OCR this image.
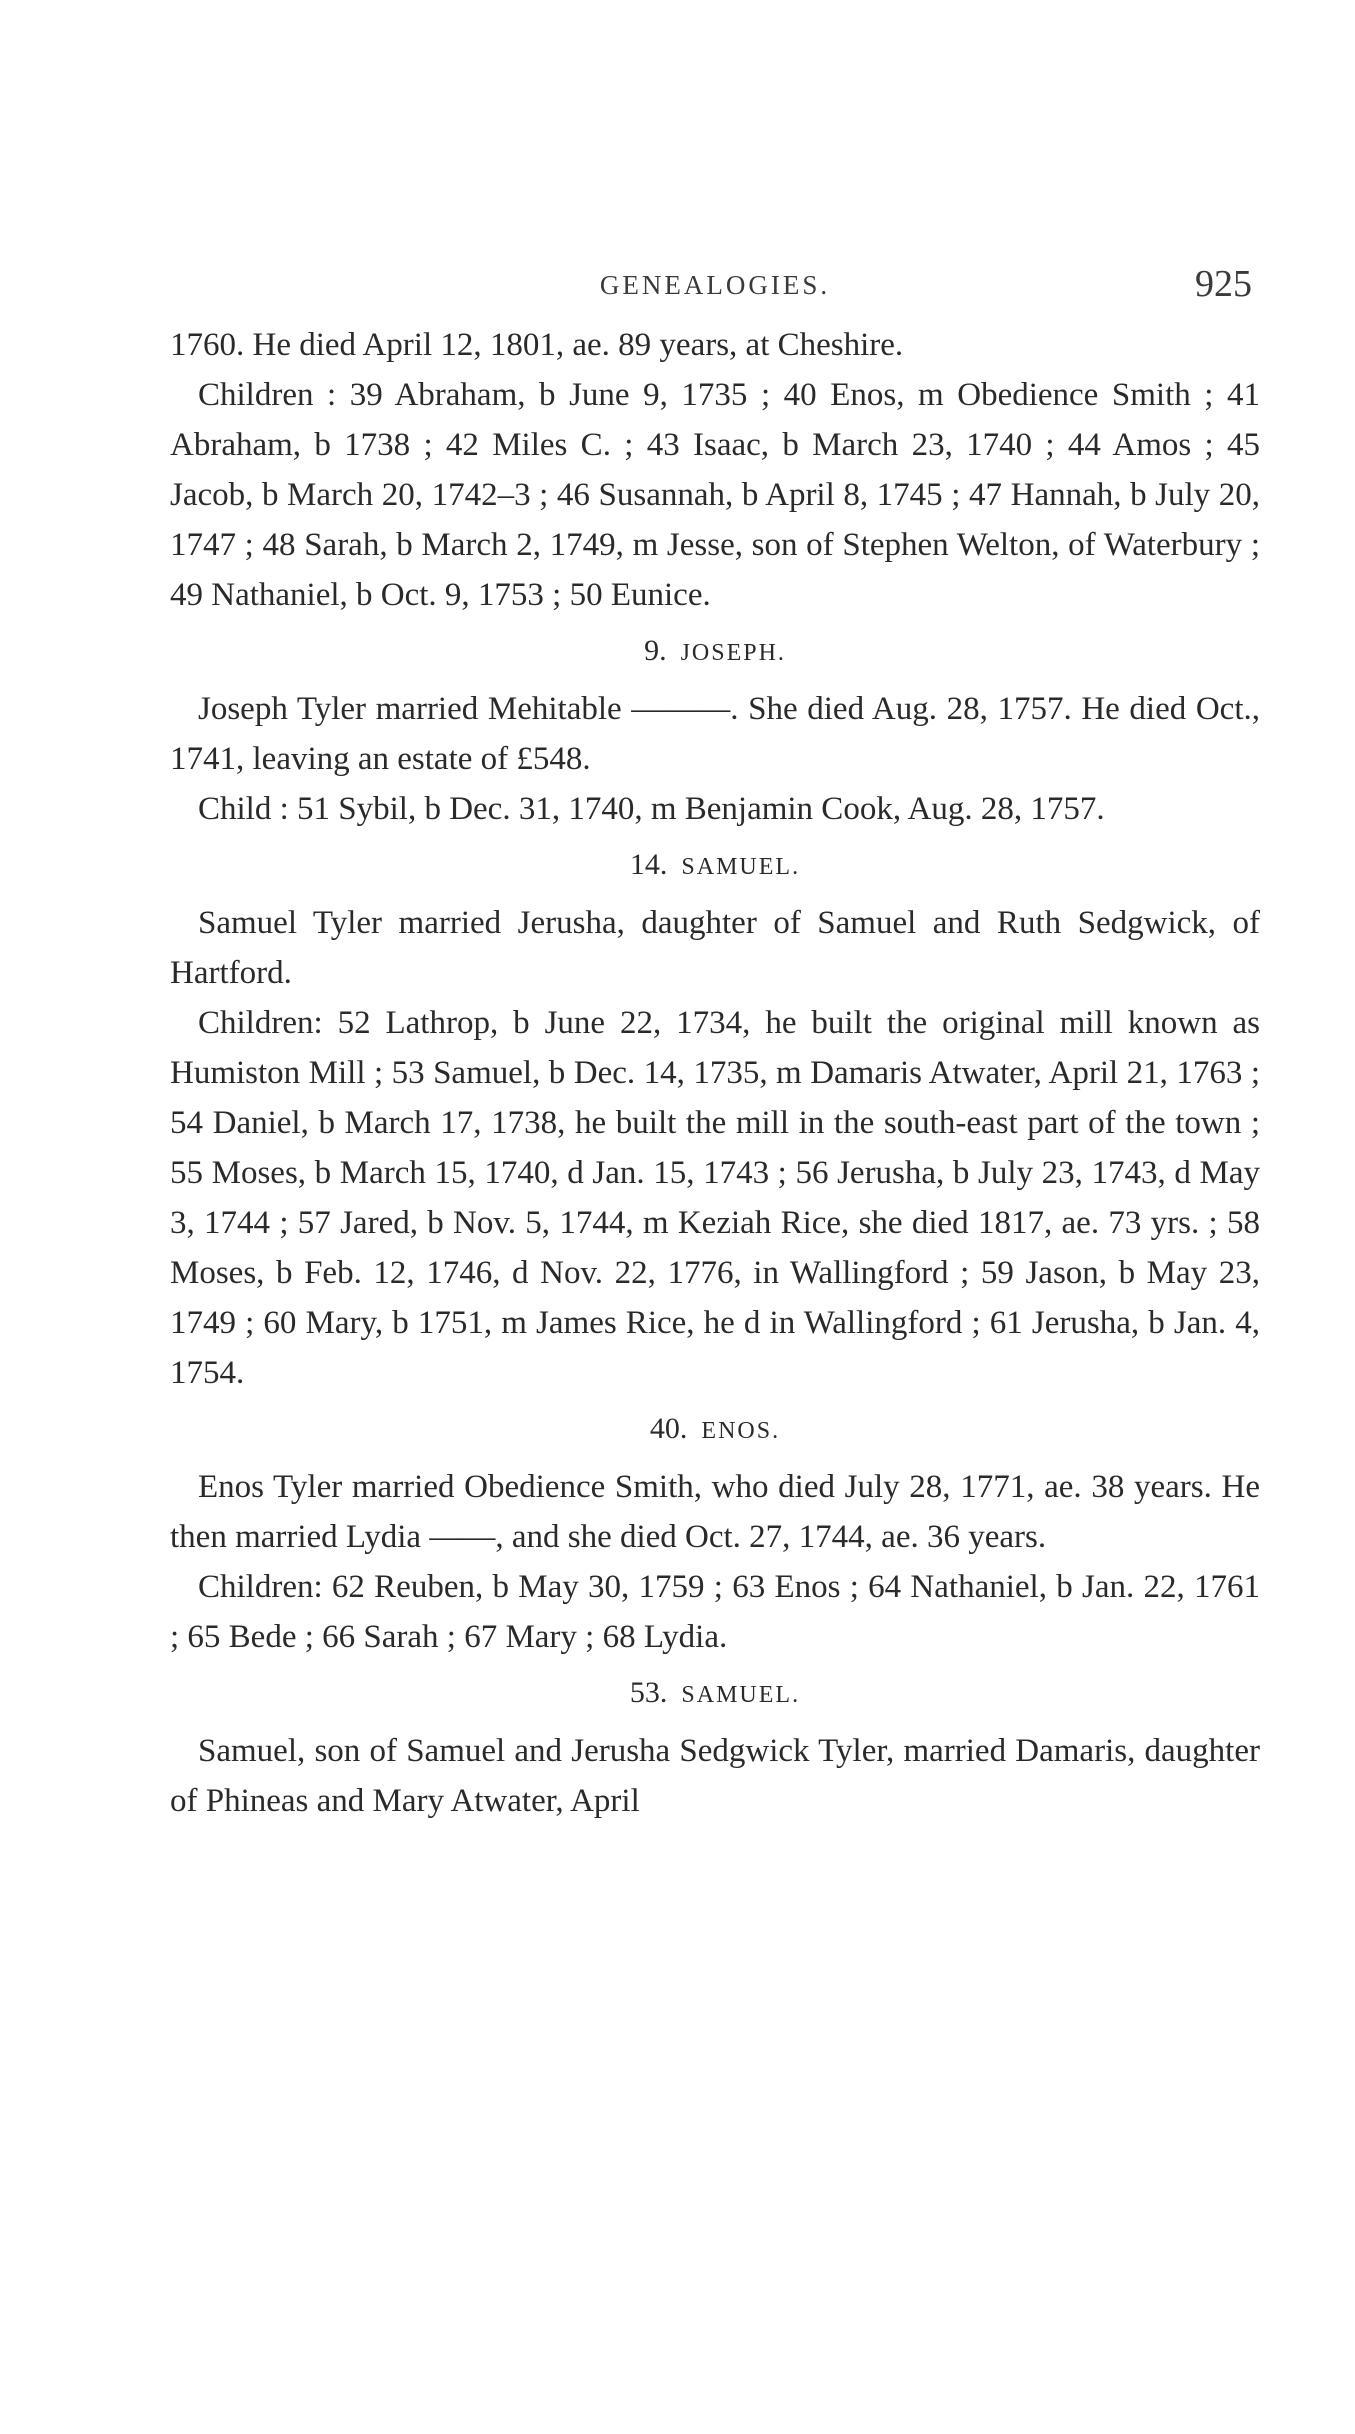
GENEALOGIES.	925

1760. He died April 12, 1801, ae. 89 years, at Cheshire.

Children : 39 Abraham, b June 9, 1735 ; 40 Enos, m Obedience Smith ; 41 Abraham, b 1738 ; 42 Miles C. ; 43 Isaac, b March 23, 1740 ; 44 Amos ; 45 Jacob, b March 20, 1742–3 ; 46 Susannah, b April 8, 1745 ; 47 Hannah, b July 20, 1747 ; 48 Sarah, b March 2, 1749, m Jesse, son of Stephen Welton, of Waterbury ; 49 Nathaniel, b Oct. 9, 1753 ; 50 Eunice.

9. JOSEPH.

Joseph Tyler married Mehitable ———. She died Aug. 28, 1757. He died Oct., 1741, leaving an estate of £548.

Child : 51 Sybil, b Dec. 31, 1740, m Benjamin Cook, Aug. 28, 1757.

14. SAMUEL.

Samuel Tyler married Jerusha, daughter of Samuel and Ruth Sedgwick, of Hartford.

Children: 52 Lathrop, b June 22, 1734, he built the original mill known as Humiston Mill ; 53 Samuel, b Dec. 14, 1735, m Damaris Atwater, April 21, 1763 ; 54 Daniel, b March 17, 1738, he built the mill in the south-east part of the town ; 55 Moses, b March 15, 1740, d Jan. 15, 1743 ; 56 Jerusha, b July 23, 1743, d May 3, 1744 ; 57 Jared, b Nov. 5, 1744, m Keziah Rice, she died 1817, ae. 73 yrs. ; 58 Moses, b Feb. 12, 1746, d Nov. 22, 1776, in Wallingford ; 59 Jason, b May 23, 1749 ; 60 Mary, b 1751, m James Rice, he d in Wallingford ; 61 Jerusha, b Jan. 4, 1754.

40. ENOS.

Enos Tyler married Obedience Smith, who died July 28, 1771, ae. 38 years. He then married Lydia ——, and she died Oct. 27, 1744, ae. 36 years.

Children: 62 Reuben, b May 30, 1759 ; 63 Enos ; 64 Nathaniel, b Jan. 22, 1761 ; 65 Bede ; 66 Sarah ; 67 Mary ; 68 Lydia.

53. SAMUEL.

Samuel, son of Samuel and Jerusha Sedgwick Tyler, married Damaris, daughter of Phineas and Mary Atwater, April
